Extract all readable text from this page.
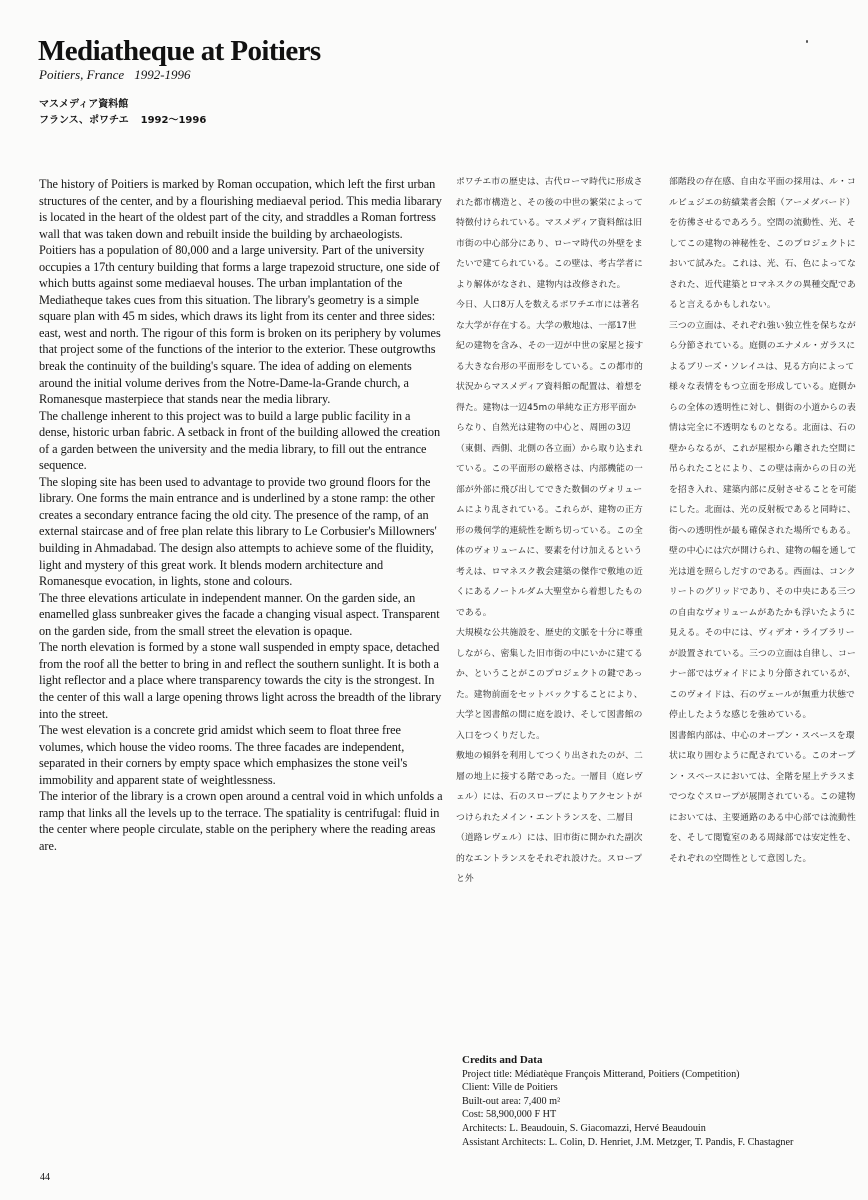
Mediatheque at Poitiers
Poitiers, France 1992-1996
マスメディア資料館
フランス、ポワチエ 1992〜1996

The history of Poitiers is marked by Roman occupation, which left the first urban structures of the center, and by a flourishing mediaeval period. This media libarary is located in the heart of the oldest part of the city, and straddles a Roman fortress wall that was taken down and rebuilt inside the building by archaeologists.

Poitiers has a population of 80,000 and a large university. Part of the university occupies a 17th century building that forms a large trapezoid structure, one side of which butts against some mediaeval houses. The urban implantation of the Mediatheque takes cues from this situation. The library's geometry is a simple square plan with 45 m sides, which draws its light from its center and three sides: east, west and north. The rigour of this form is broken on its periphery by volumes that project some of the functions of the interior to the exterior. These outgrowths break the continuity of the building's square. The idea of adding on elements around the initial volume derives from the Notre-Dame-la-Grande church, a Romanesque masterpiece that stands near the media library.

The challenge inherent to this project was to build a large public facility in a dense, historic urban fabric. A setback in front of the building allowed the creation of a garden between the university and the media library, to fill out the entrance sequence.

The sloping site has been used to advantage to provide two ground floors for the library. One forms the main entrance and is underlined by a stone ramp: the other creates a secondary entrance facing the old city. The presence of the ramp, of an external staircase and of free plan relate this library to Le Corbusier's Millowners' building in Ahmadabad. The design also attempts to achieve some of the fluidity, light and mystery of this great work. It blends modern architecture and Romanesque evocation, in lights, stone and colours.

The three elevations articulate in independent manner. On the garden side, an enamelled glass sunbreaker gives the facade a changing visual aspect. Transparent on the garden side, from the small street the elevation is opaque.

The north elevation is formed by a stone wall suspended in empty space, detached from the roof all the better to bring in and reflect the southern sunlight. It is both a light reflector and a place where transparency towards the city is the strongest. In the center of this wall a large opening throws light across the breadth of the library into the street.

The west elevation is a concrete grid amidst which seem to float three free volumes, which house the video rooms. The three facades are independent, separated in their corners by empty space which emphasizes the stone veil's immobility and apparent state of weightlessness.

The interior of the library is a crown open around a central void in which unfolds a ramp that links all the levels up to the terrace. The spatiality is centrifugal: fluid in the center where people circulate, stable on the periphery where the reading areas are.

ポワチエ市の歴史は、古代ローマ時代に形成された都市構造と、その後の中世の繁栄によって特徴付けられている。マスメディア資料館は旧市街の中心部分にあり、ローマ時代の外壁をまたいで建てられている。この壁は、考古学者により解体がなされ、建物内は改修された。

今日、人口8万人を数えるポワチエ市には著名な大学が存在する。大学の敷地は、一部17世紀の建物を含み、その一辺が中世の家屋と接する大きな台形の平面形をしている。この都市的状況からマスメディア資料館の配置は、着想を得た。建物は一辺45mの単純な正方形平面からなり、自然光は建物の中心と、周囲の3辺（東側、西側、北側の各立面）から取り込まれている。この平面形の厳格さは、内部機能の一部が外部に飛び出してできた数個のヴォリュームにより乱されている。これらが、建物の正方形の幾何学的連続性を断ち切っている。この全体のヴォリュームに、要素を付け加えるという考えは、ロマネスク教会建築の傑作で敷地の近くにあるノートルダム大聖堂から着想したものである。

大規模な公共施設を、歴史的文脈を十分に尊重しながら、密集した旧市街の中にいかに建てるか、ということがこのプロジェクトの鍵であった。建物前面をセットバックすることにより、大学と図書館の間に庭を設け、そして図書館の入口をつくりだした。

敷地の傾斜を利用してつくり出されたのが、二層の地上に接する階であった。一層目（庭レヴェル）には、石のスロープによりアクセントがつけられたメイン・エントランスを、二層目（道路レヴェル）には、旧市街に開かれた副次的なエントランスをそれぞれ設けた。スロープと外

部階段の存在感、自由な平面の採用は、ル・コルビュジエの紡績業者会館（アーメダバード）を彷彿させるであろう。空間の流動性、光、そしてこの建物の神秘性を、このプロジェクトにおいて試みた。これは、光、石、色によってなされた、近代建築とロマネスクの異種交配であると言えるかもしれない。

三つの立面は、それぞれ強い独立性を保ちながら分節されている。庭側のエナメル・ガラスによるブリーズ・ソレイユは、見る方向によって様々な表情をもつ立面を形成している。庭側からの全体の透明性に対し、側街の小道からの表情は完全に不透明なものとなる。北面は、石の壁からなるが、これが屋根から離された空間に吊られたことにより、この壁は南からの日の光を招き入れ、建築内部に反射させることを可能にした。北面は、光の反射板であると同時に、街への透明性が最も確保された場所でもある。壁の中心には穴が開けられ、建物の幅を通して光は道を照らしだすのである。西面は、コンクリートのグリッドであり、その中央にある三つの自由なヴォリュームがあたかも浮いたように見える。その中には、ヴィデオ・ライブラリーが設置されている。三つの立面は自律し、コーナー部ではヴォイドにより分節されているが、このヴォイドは、石のヴェールが無重力状態で停止したような感じを強めている。

図書館内部は、中心のオープン・スペースを環状に取り囲むように配されている。このオープン・スペースにおいては、全階を屋上テラスまでつなぐスロープが展開されている。この建物においては、主要通路のある中心部では流動性を、そして閲覧室のある周縁部では安定性を、それぞれの空間性として意図した。

Credits and Data
Project title: Médiatèque François Mitterand, Poitiers (Competition)
Client: Ville de Poitiers
Built-out area: 7,400 m²
Cost: 58,900,000 F HT
Architects: L. Beaudouin, S. Giacomazzi, Hervé Beaudouin
Assistant Architects: L. Colin, D. Henriet, J.M. Metzger, T. Pandis, F. Chastagner
44
